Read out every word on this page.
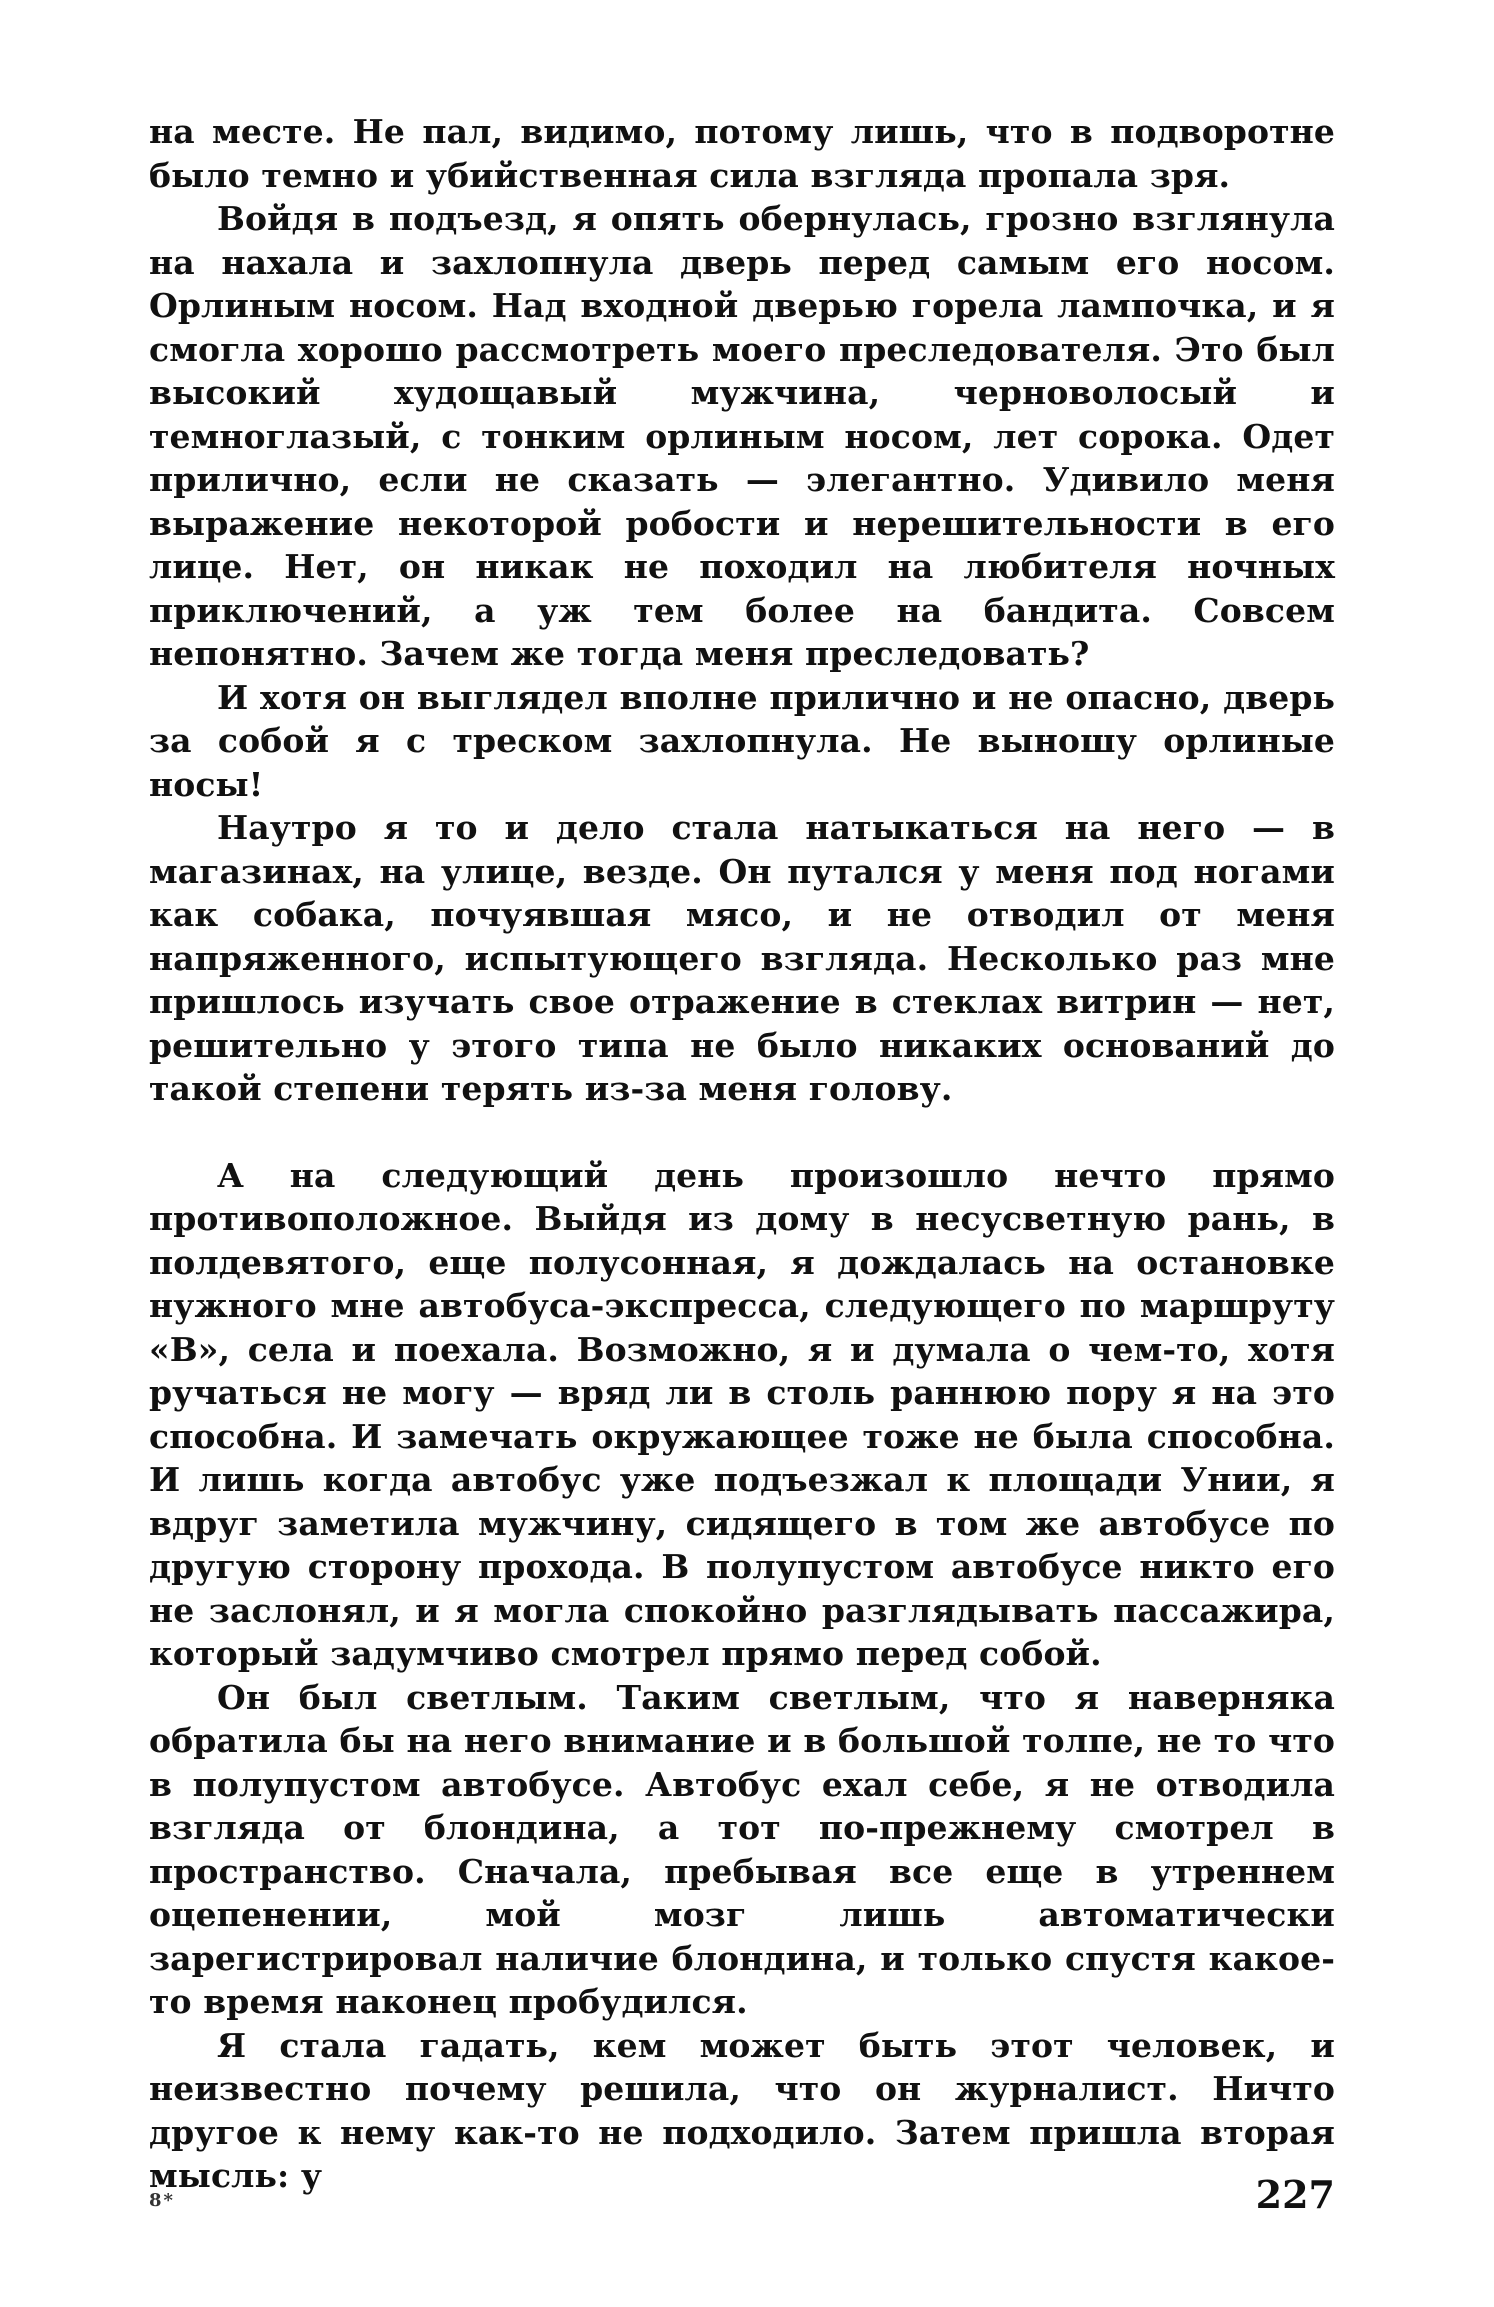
на месте. Не пал, видимо, потому лишь, что в подворотне было темно и убийственная сила взгляда пропала зря.

Войдя в подъезд, я опять обернулась, грозно взглянула на нахала и захлопнула дверь перед самым его носом. Орлиным носом. Над входной дверью горела лампочка, и я смогла хорошо рассмотреть моего преследователя. Это был высокий худощавый мужчина, черноволосый и темноглазый, с тонким орлиным носом, лет сорока. Одет прилично, если не сказать — элегантно. Удивило меня выражение некоторой робости и нерешительности в его лице. Нет, он никак не походил на любителя ночных приключений, а уж тем более на бандита. Совсем непонятно. Зачем же тогда меня преследовать?

И хотя он выглядел вполне прилично и не опасно, дверь за собой я с треском захлопнула. Не выношу орлиные носы!

Наутро я то и дело стала натыкаться на него — в магазинах, на улице, везде. Он путался у меня под ногами как собака, почуявшая мясо, и не отводил от меня напряженного, испытующего взгляда. Несколько раз мне пришлось изучать свое отражение в стеклах витрин — нет, решительно у этого типа не было никаких оснований до такой степени терять из-за меня голову.

А на следующий день произошло нечто прямо противоположное. Выйдя из дому в несусветную рань, в полдевятого, еще полусонная, я дождалась на остановке нужного мне автобуса-экспресса, следующего по маршруту «В», села и поехала. Возможно, я и думала о чем-то, хотя ручаться не могу — вряд ли в столь раннюю пору я на это способна. И замечать окружающее тоже не была способна. И лишь когда автобус уже подъезжал к площади Унии, я вдруг заметила мужчину, сидящего в том же автобусе по другую сторону прохода. В полупустом автобусе никто его не заслонял, и я могла спокойно разглядывать пассажира, который задумчиво смотрел прямо перед собой.

Он был светлым. Таким светлым, что я наверняка обратила бы на него внимание и в большой толпе, не то что в полупустом автобусе. Автобус ехал себе, я не отводила взгляда от блондина, а тот по-прежнему смотрел в пространство. Сначала, пребывая все еще в утреннем оцепенении, мой мозг лишь автоматически зарегистрировал наличие блондина, и только спустя какое-то время наконец пробудился.

Я стала гадать, кем может быть этот человек, и неизвестно почему решила, что он журналист. Ничто другое к нему как-то не подходило. Затем пришла вторая мысль: у

8*	227
